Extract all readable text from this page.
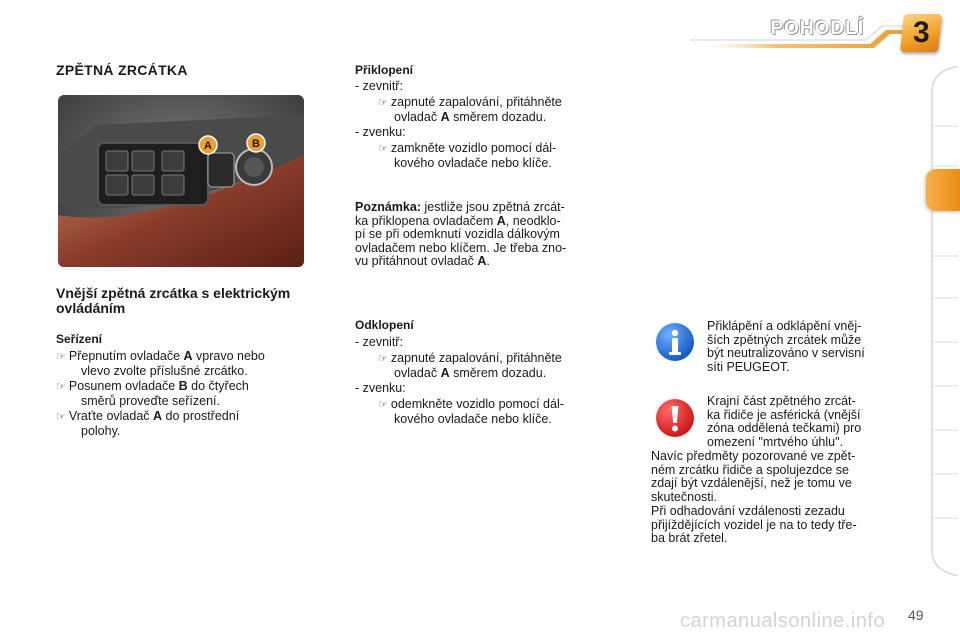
POHODLÍ 3
ZPĚTNÁ ZRCÁTKA
A	B
Vnější zpětná zrcátka s elektrickým ovládáním
Seřízení
☞ Přepnutím ovladače A vpravo nebo
vlevo zvolte příslušné zrcátko.
☞ Posunem ovladače B do čtyřech
směrů proveďte seřízení.
☞ Vraťte ovladač A do prostřední
polohy.
Přiklopení
- zevnitř:
☞ zapnuté zapalování, přitáhněte
ovladač A směrem dozadu.
- zvenku:
☞ zamkněte vozidlo pomocí dál-
kového ovladače nebo klíče.
Poznámka: jestliže jsou zpětná zrcát-
ka přiklopena ovladačem A, neodklo-
pí se při odemknutí vozidla dálkovým
ovladačem nebo klíčem. Je třeba zno-
vu přitáhnout ovladač A.
Odklopení
- zevnitř:
☞ zapnuté zapalování, přitáhněte
ovladač A směrem dozadu.
- zvenku:
☞ odemkněte vozidlo pomocí dál-
kového ovladače nebo klíče.
Přiklápění a odklápění vněj-
ších zpětných zrcátek může
být neutralizováno v servisní
síti PEUGEOT.
Krajní část zpětného zrcát-
ka řidiče je asférická (vnější
zóna oddělená tečkami) pro
omezení "mrtvého úhlu".
Navíc předměty pozorované ve zpět-
ném zrcátku řidiče a spolujezdce se
zdají být vzdálenější, než je tomu ve
skutečnosti.
Při odhadování vzdálenosti zezadu
přijíždějících vozidel je na to tedy tře-
ba brát zřetel.
carmanualsonline.info 49
